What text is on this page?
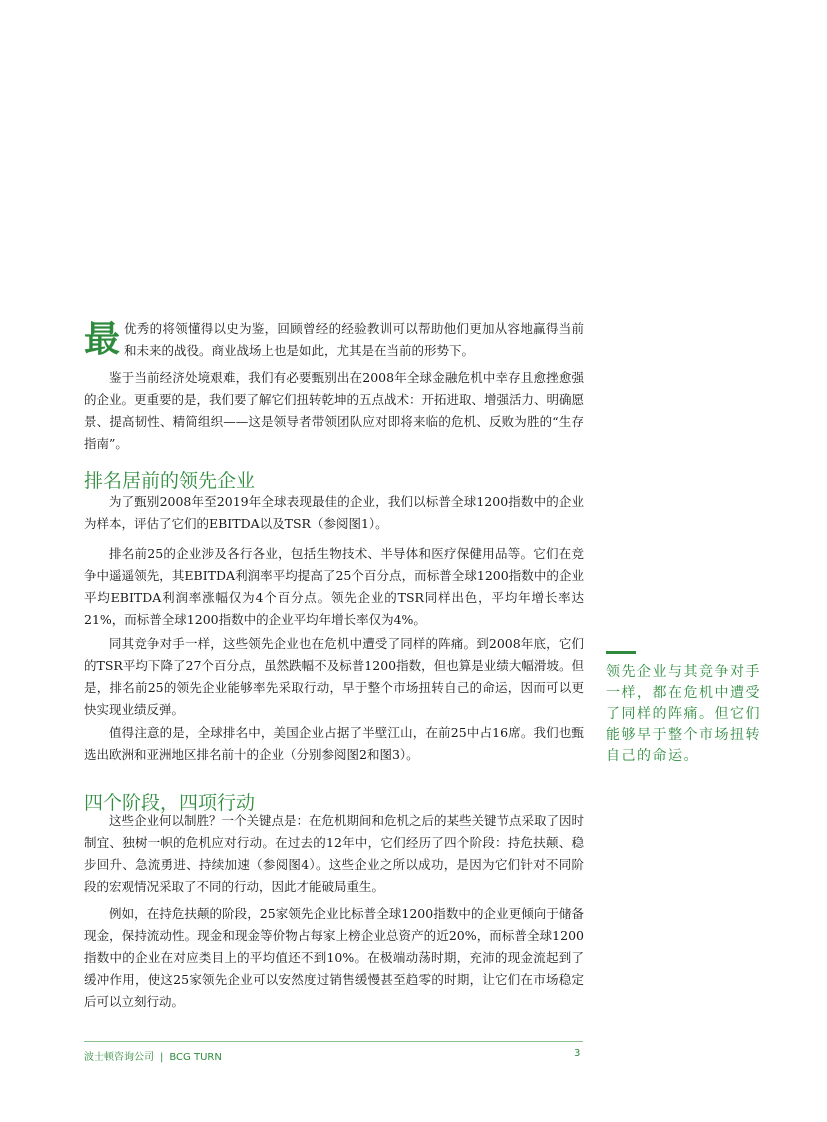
最优秀的将领懂得以史为鉴，回顾曾经的经验教训可以帮助他们更加从容地赢得当前和未来的战役。商业战场上也是如此，尤其是在当前的形势下。

鉴于当前经济处境艰难，我们有必要甄别出在2008年全球金融危机中幸存且愈挫愈强的企业。更重要的是，我们要了解它们扭转乾坤的五点战术：开拓进取、增强活力、明确愿景、提高韧性、精简组织——这是领导者带领团队应对即将来临的危机、反败为胜的“生存指南”。

排名居前的领先企业

为了甄别2008年至2019年全球表现最佳的企业，我们以标普全球1200指数中的企业为样本，评估了它们的EBITDA以及TSR（参阅图1）。

排名前25的企业涉及各行各业，包括生物技术、半导体和医疗保健用品等。它们在竞争中遥遥领先，其EBITDA利润率平均提高了25个百分点，而标普全球1200指数中的企业平均EBITDA利润率涨幅仅为4个百分点。领先企业的TSR同样出色，平均年增长率达21%，而标普全球1200指数中的企业平均年增长率仅为4%。

同其竞争对手一样，这些领先企业也在危机中遭受了同样的阵痛。到2008年底，它们的TSR平均下降了27个百分点，虽然跌幅不及标普1200指数，但也算是业绩大幅滑坡。但是，排名前25的领先企业能够率先采取行动，早于整个市场扭转自己的命运，因而可以更快实现业绩反弹。

值得注意的是，全球排名中，美国企业占据了半壁江山，在前25中占16席。我们也甄选出欧洲和亚洲地区排名前十的企业（分别参阅图2和图3）。

四个阶段，四项行动

这些企业何以制胜？一个关键点是：在危机期间和危机之后的某些关键节点采取了因时制宜、独树一帜的危机应对行动。在过去的12年中，它们经历了四个阶段：持危扶颠、稳步回升、急流勇进、持续加速（参阅图4）。这些企业之所以成功，是因为它们针对不同阶段的宏观情况采取了不同的行动，因此才能破局重生。

例如，在持危扶颠的阶段，25家领先企业比标普全球1200指数中的企业更倾向于储备现金，保持流动性。现金和现金等价物占每家上榜企业总资产的近20%，而标普全球1200指数中的企业在对应类目上的平均值还不到10%。在极端动荡时期，充沛的现金流起到了缓冲作用，使这25家领先企业可以安然度过销售缓慢甚至趋零的时期，让它们在市场稳定后可以立刻行动。

领先企业与其竞争对手一样，都在危机中遭受了同样的阵痛。但它们能够早于整个市场扭转自己的命运。

波士顿咨询公司 | BCG TURN	3
